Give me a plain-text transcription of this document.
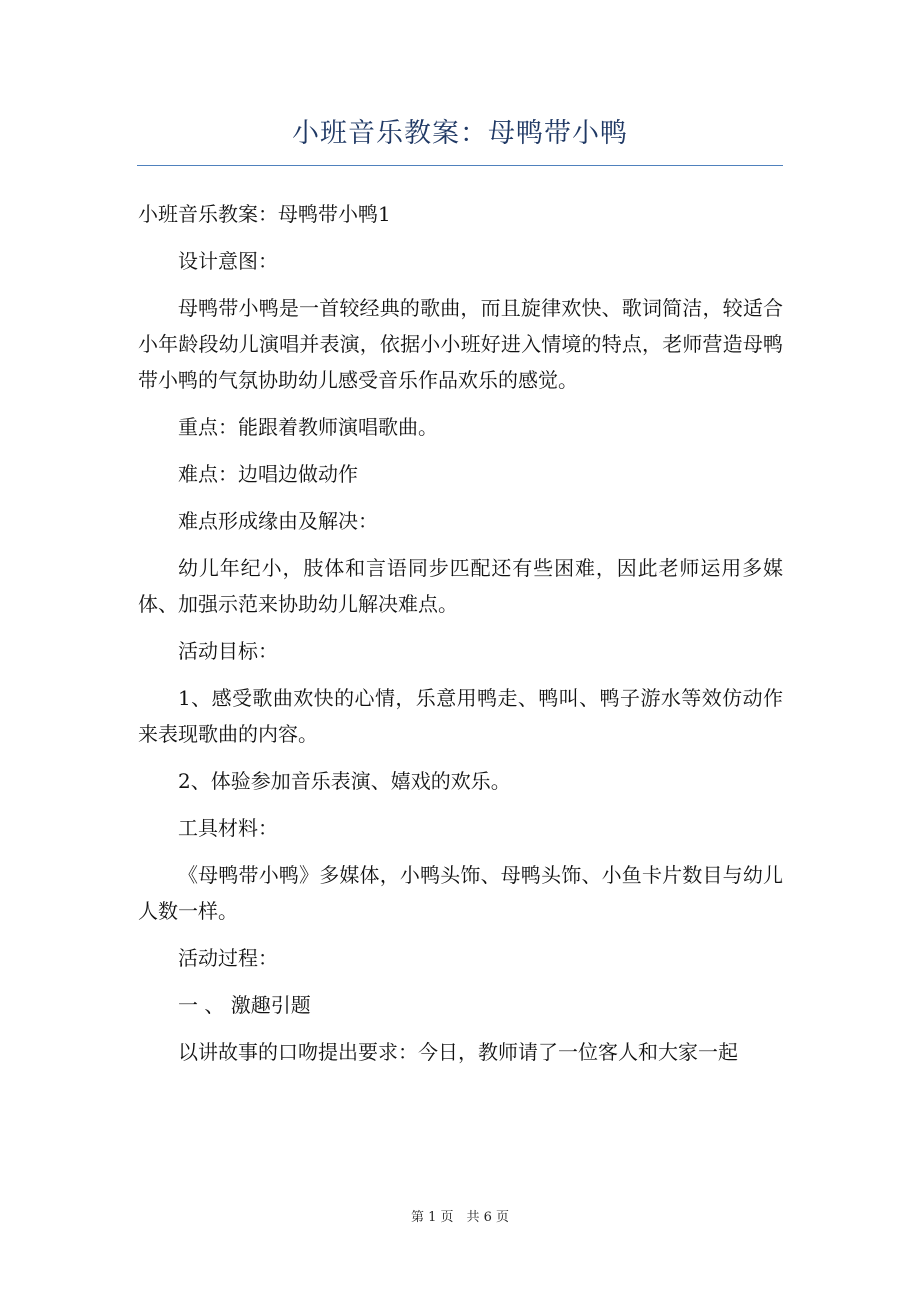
小班音乐教案：母鸭带小鸭

小班音乐教案：母鸭带小鸭1

设计意图：

母鸭带小鸭是一首较经典的歌曲，而且旋律欢快、歌词简洁，较适合小年龄段幼儿演唱并表演，依据小小班好进入情境的特点，老师营造母鸭带小鸭的气氛协助幼儿感受音乐作品欢乐的感觉。

重点：能跟着教师演唱歌曲。

难点：边唱边做动作

难点形成缘由及解决：

幼儿年纪小，肢体和言语同步匹配还有些困难，因此老师运用多媒体、加强示范来协助幼儿解决难点。

活动目标：

1、感受歌曲欢快的心情，乐意用鸭走、鸭叫、鸭子游水等效仿动作来表现歌曲的内容。

2、体验参加音乐表演、嬉戏的欢乐。

工具材料：

《母鸭带小鸭》多媒体，小鸭头饰、母鸭头饰、小鱼卡片数目与幼儿人数一样。

活动过程：

一 、 激趣引题

以讲故事的口吻提出要求：今日，教师请了一位客人和大家一起

第 1 页　共 6 页
